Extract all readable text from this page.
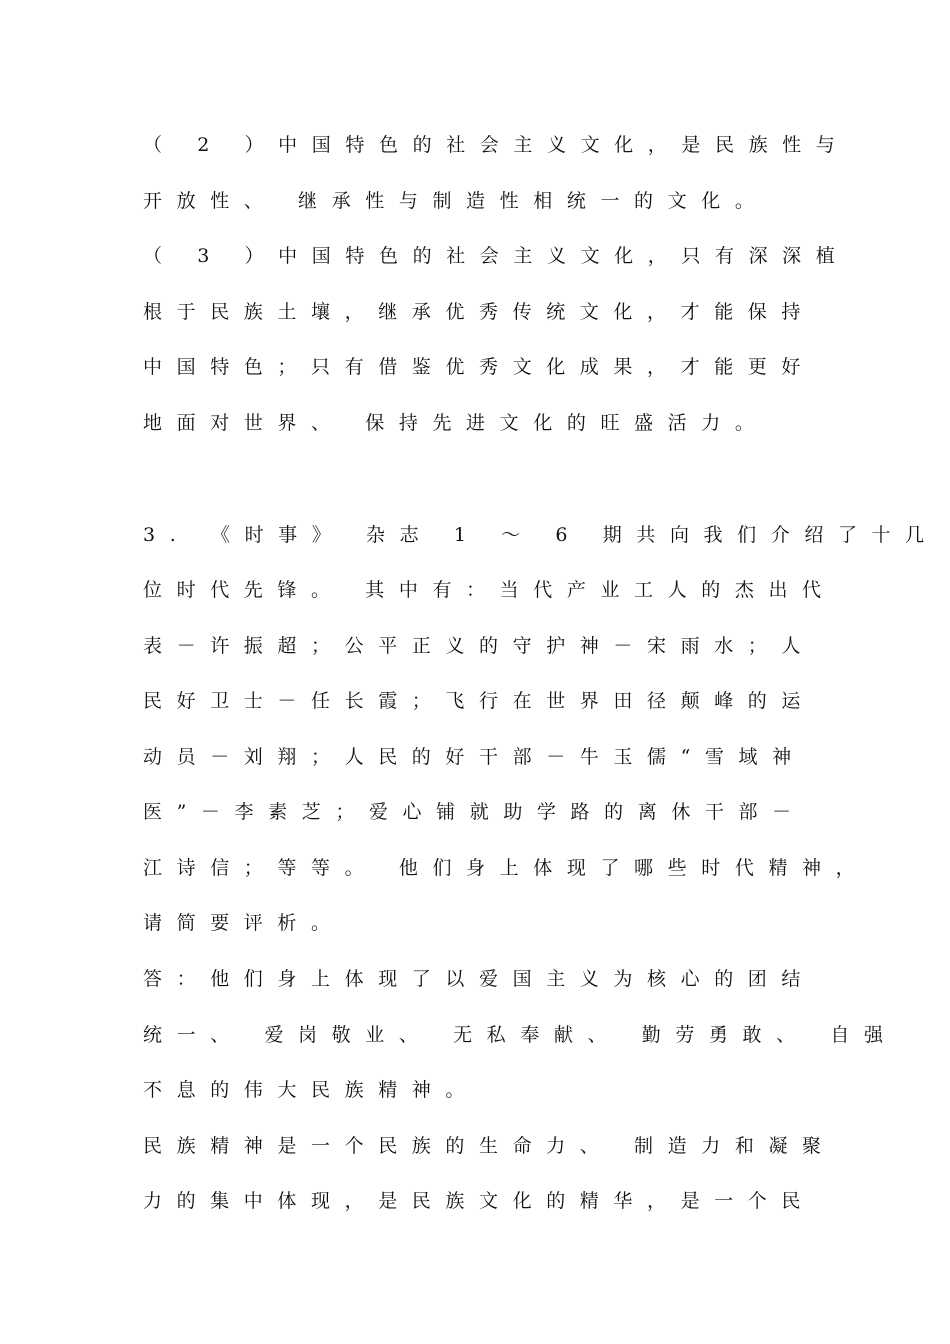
（ 2 ）中国特色的社会主义文化，是民族性与
开放性、 继承性与制造性相统一的文化。
（ 3 ）中国特色的社会主义文化，只有深深植
根于民族土壤，继承优秀传统文化，才能保持
中国特色；只有借鉴优秀文化成果，才能更好
地面对世界、 保持先进文化的旺盛活力。
3. 《时事》 杂志 1 ～ 6 期共向我们介绍了十几
位时代先锋。 其中有：当代产业工人的杰出代
表－许振超；公平正义的守护神－宋雨水；人
民好卫士－任长霞；飞行在世界田径颠峰的运
动员－刘翔；人民的好干部－牛玉儒“雪域神
医”－李素芝；爱心铺就助学路的离休干部－
江诗信；等等。 他们身上体现了哪些时代精神，
请简要评析。
答：他们身上体现了以爱国主义为核心的团结
统一、 爱岗敬业、 无私奉献、 勤劳勇敢、 自强
不息的伟大民族精神。
民族精神是一个民族的生命力、 制造力和凝聚
力的集中体现，是民族文化的精华，是一个民
